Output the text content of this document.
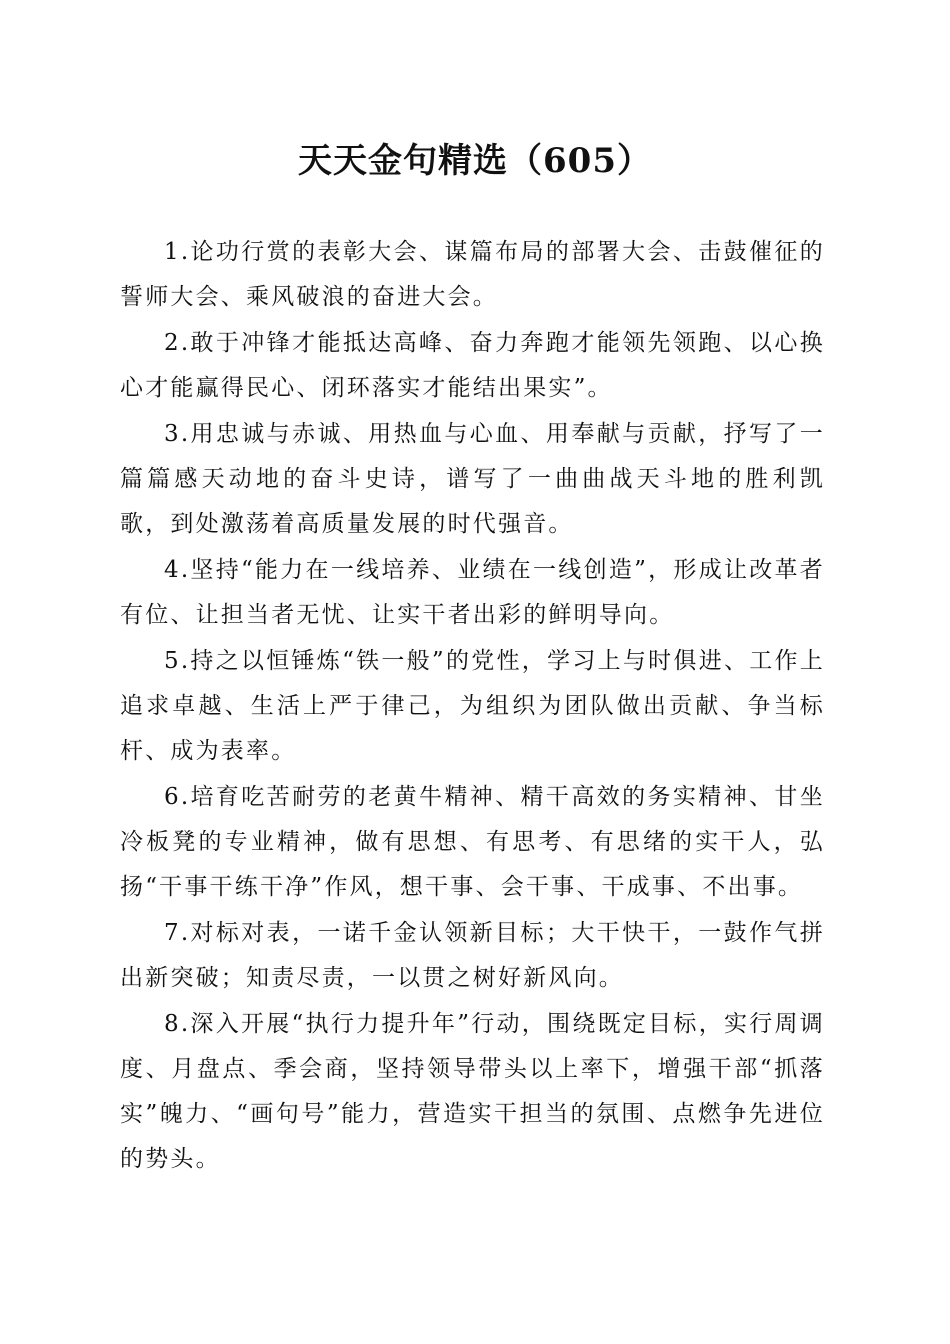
天天金句精选（605）

1.论功行赏的表彰大会、谋篇布局的部署大会、击鼓催征的誓师大会、乘风破浪的奋进大会。

2.敢于冲锋才能抵达高峰、奋力奔跑才能领先领跑、以心换心才能赢得民心、闭环落实才能结出果实”。

3.用忠诚与赤诚、用热血与心血、用奉献与贡献，抒写了一篇篇感天动地的奋斗史诗，谱写了一曲曲战天斗地的胜利凯歌，到处激荡着高质量发展的时代强音。

4.坚持“能力在一线培养、业绩在一线创造”，形成让改革者有位、让担当者无忧、让实干者出彩的鲜明导向。

5.持之以恒锤炼“铁一般”的党性，学习上与时俱进、工作上追求卓越、生活上严于律己，为组织为团队做出贡献、争当标杆、成为表率。

6.培育吃苦耐劳的老黄牛精神、精干高效的务实精神、甘坐冷板凳的专业精神，做有思想、有思考、有思绪的实干人，弘扬“干事干练干净”作风，想干事、会干事、干成事、不出事。

7.对标对表，一诺千金认领新目标；大干快干，一鼓作气拼出新突破；知责尽责，一以贯之树好新风向。

8.深入开展“执行力提升年”行动，围绕既定目标，实行周调度、月盘点、季会商，坚持领导带头以上率下，增强干部“抓落实”魄力、“画句号”能力，营造实干担当的氛围、点燃争先进位的势头。
